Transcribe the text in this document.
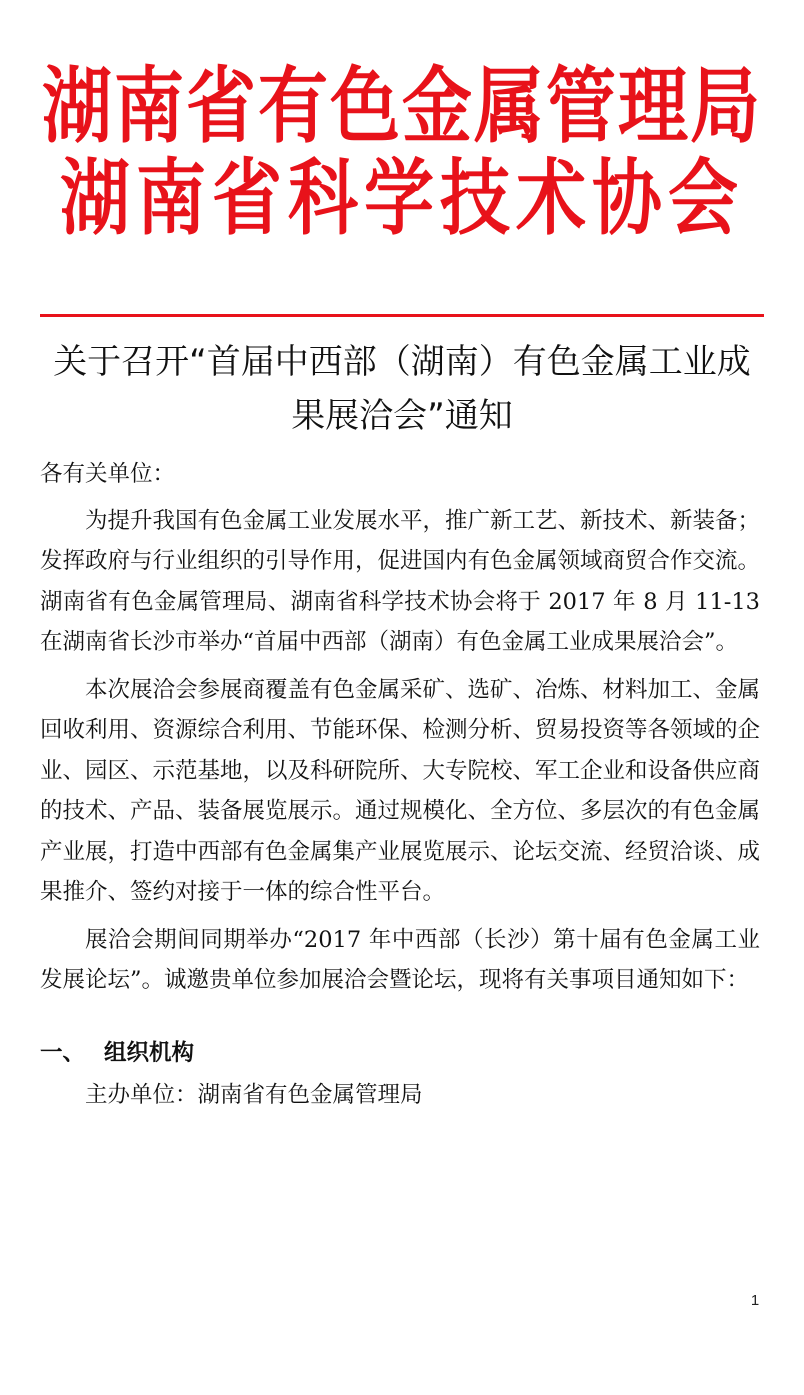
湖南省有色金属管理局
湖南省科学技术协会
关于召开“首届中西部（湖南）有色金属工业成
果展洽会”通知

各有关单位：

为提升我国有色金属工业发展水平，推广新工艺、新技术、新装备；发挥政府与行业组织的引导作用，促进国内有色金属领域商贸合作交流。湖南省有色金属管理局、湖南省科学技术协会将于 2017 年 8 月 11-13 在湖南省长沙市举办“首届中西部（湖南）有色金属工业成果展洽会”。

本次展洽会参展商覆盖有色金属采矿、选矿、冶炼、材料加工、金属回收利用、资源综合利用、节能环保、检测分析、贸易投资等各领域的企业、园区、示范基地，以及科研院所、大专院校、军工企业和设备供应商的技术、产品、装备展览展示。通过规模化、全方位、多层次的有色金属产业展，打造中西部有色金属集产业展览展示、论坛交流、经贸洽谈、成果推介、签约对接于一体的综合性平台。

展洽会期间同期举办“2017 年中西部（长沙）第十届有色金属工业发展论坛”。诚邀贵单位参加展洽会暨论坛，现将有关事项目通知如下：

一、 组织机构

主办单位：湖南省有色金属管理局

1
